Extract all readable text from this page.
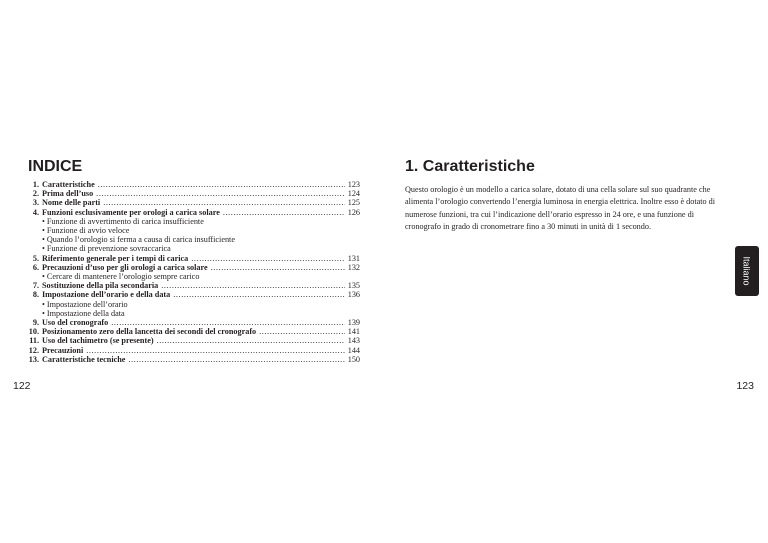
INDICE
1. Caratteristiche .....	123
2. Prima dell’uso .....	124
3. Nome delle parti .....	125
4. Funzioni esclusivamente per orologi a carica solare .....	126
• Funzione di avvertimento di carica insufficiente
• Funzione di avvio veloce
• Quando l’orologio si ferma a causa di carica insufficiente
• Funzione di prevenzione sovraccarica
5. Riferimento generale per i tempi di carica .....	131
6. Precauzioni d’uso per gli orologi a carica solare .....	132
• Cercare di mantenere l’orologio sempre carico
7. Sostituzione della pila secondaria .....	135
8. Impostazione dell’orario e della data .....	136
• Impostazione dell’orario
• Impostazione della data
9. Uso del cronografo .....	139
10. Posizionamento zero della lancetta dei secondi del cronografo .....	141
11. Uso del tachimetro (se presente) .....	143
12. Precauzioni .....	144
13. Caratteristiche tecniche .....	150
122
1. Caratteristiche

Questo orologio è un modello a carica solare, dotato di una cella solare sul suo quadrante che alimenta l’orologio convertendo l’energia luminosa in energia elettrica. Inoltre esso è dotato di numerose funzioni, tra cui l’indicazione dell’orario espresso in 24 ore, e una funzione di cronografo in grado di cronometrare fino a 30 minuti in unità di 1 secondo.

Italiano
123
